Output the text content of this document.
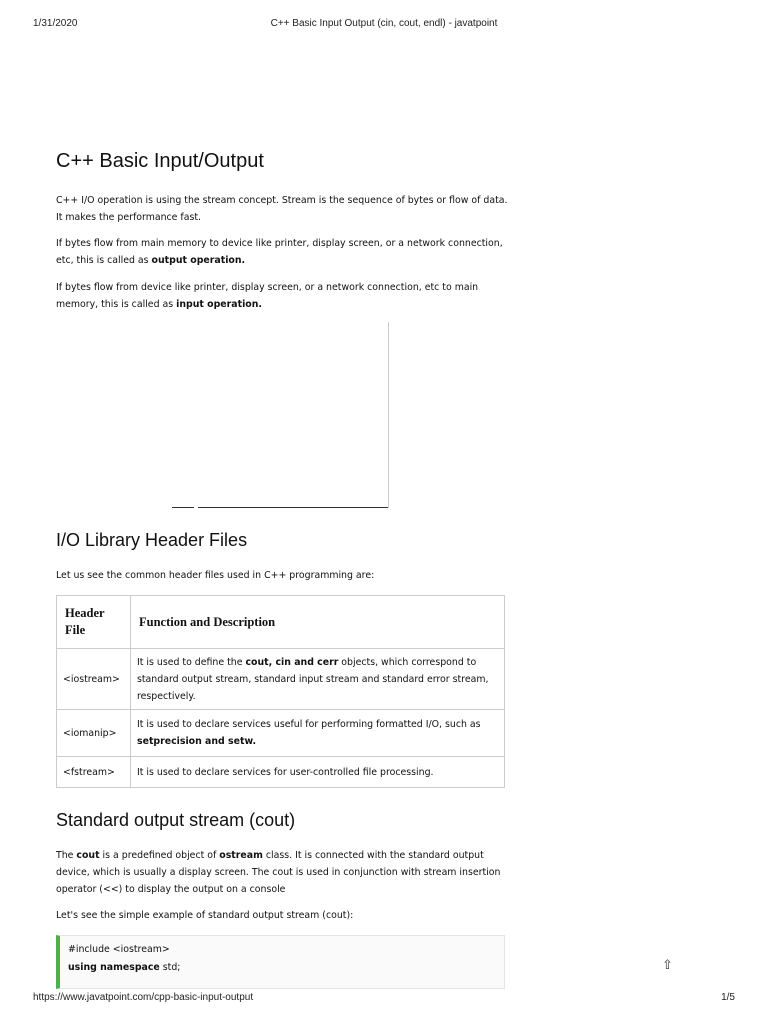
1/31/2020	C++ Basic Input Output (cin, cout, endl) - javatpoint
C++ Basic Input/Output

C++ I/O operation is using the stream concept. Stream is the sequence of bytes or flow of data. It makes the performance fast.

If bytes flow from main memory to device like printer, display screen, or a network connection, etc, this is called as output operation.

If bytes flow from device like printer, display screen, or a network connection, etc to main memory, this is called as input operation.

I/O Library Header Files

Let us see the common header files used in C++ programming are:

Header File	Function and Description
<iostream>	It is used to define the cout, cin and cerr objects, which correspond to standard output stream, standard input stream and standard error stream, respectively.
<iomanip>	It is used to declare services useful for performing formatted I/O, such as setprecision and setw.
<fstream>	It is used to declare services for user-controlled file processing.
Standard output stream (cout)

The cout is a predefined object of ostream class. It is connected with the standard output device, which is usually a display screen. The cout is used in conjunction with stream insertion operator (<<) to display the output on a console

Let's see the simple example of standard output stream (cout):

#include <iostream>
using namespace std;	⇧
https://www.javatpoint.com/cpp-basic-input-output	1/5
